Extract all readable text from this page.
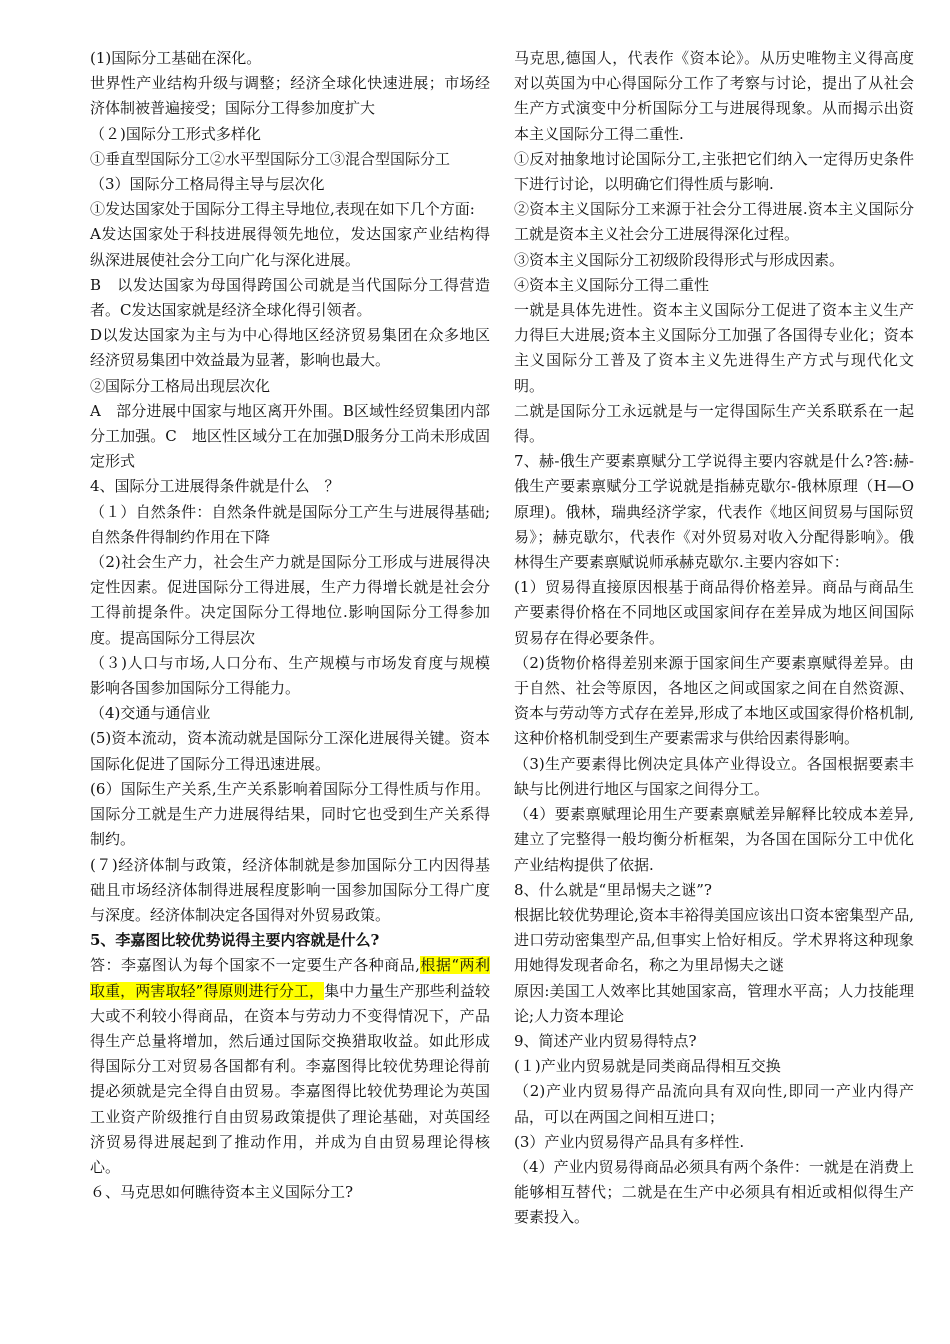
(1)国际分工基础在深化。

世界性产业结构升级与调整；经济全球化快速进展；市场经济体制被普遍接受；国际分工得参加度扩大

（２)国际分工形式多样化

①垂直型国际分工②水平型国际分工③混合型国际分工

（3）国际分工格局得主导与层次化

①发达国家处于国际分工得主导地位,表现在如下几个方面:

A发达国家处于科技进展得领先地位，发达国家产业结构得纵深进展使社会分工向广化与深化进展。

B　以发达国家为母国得跨国公司就是当代国际分工得营造者。C发达国家就是经济全球化得引领者。

D以发达国家为主与为中心得地区经济贸易集团在众多地区经济贸易集团中效益最为显著，影响也最大。

②国际分工格局出现层次化

A　部分进展中国家与地区离开外围。B区域性经贸集团内部分工加强。C　地区性区域分工在加强D服务分工尚未形成固定形式

4、国际分工进展得条件就是什么　？

（１）自然条件：自然条件就是国际分工产生与进展得基础;自然条件得制约作用在下降

（2)社会生产力，社会生产力就是国际分工形成与进展得决定性因素。促进国际分工得进展，生产力得增长就是社会分工得前提条件。决定国际分工得地位.影响国际分工得参加度。提高国际分工得层次

（３)人口与市场,人口分布、生产规模与市场发育度与规模影响各国参加国际分工得能力。

（4)交通与通信业

(5)资本流动，资本流动就是国际分工深化进展得关键。资本国际化促进了国际分工得迅速进展。

(6）国际生产关系,生产关系影响着国际分工得性质与作用。国际分工就是生产力进展得结果，同时它也受到生产关系得制约。

(７)经济体制与政策，经济体制就是参加国际分工内因得基础且市场经济体制得进展程度影响一国参加国际分工得广度与深度。经济体制决定各国得对外贸易政策。

5、李嘉图比较优势说得主要内容就是什么?

答：李嘉图认为每个国家不一定要生产各种商品,根据“两利取重，两害取轻”得原则进行分工，集中力量生产那些利益较大或不利较小得商品，在资本与劳动力不变得情况下，产品得生产总量将增加，然后通过国际交换猎取收益。如此形成得国际分工对贸易各国都有利。李嘉图得比较优势理论得前提必须就是完全得自由贸易。李嘉图得比较优势理论为英国工业资产阶级推行自由贸易政策提供了理论基础，对英国经济贸易得进展起到了推动作用，并成为自由贸易理论得核心。

６、马克思如何瞧待资本主义国际分工?

马克思,德国人，代表作《资本论》。从历史唯物主义得高度对以英国为中心得国际分工作了考察与讨论，提出了从社会生产方式演变中分析国际分工与进展得现象。从而揭示出资本主义国际分工得二重性.

①反对抽象地讨论国际分工,主张把它们纳入一定得历史条件下进行讨论，以明确它们得性质与影响.

②资本主义国际分工来源于社会分工得进展.资本主义国际分工就是资本主义社会分工进展得深化过程。

③资本主义国际分工初级阶段得形式与形成因素。

④资本主义国际分工得二重性

一就是具体先进性。资本主义国际分工促进了资本主义生产力得巨大进展;资本主义国际分工加强了各国得专业化；资本主义国际分工普及了资本主义先进得生产方式与现代化文明。

二就是国际分工永远就是与一定得国际生产关系联系在一起得。

7、赫-俄生产要素禀赋分工学说得主要内容就是什么?答:赫-俄生产要素禀赋分工学说就是指赫克歇尔-俄林原理（H—O原理)。俄林，瑞典经济学家，代表作《地区间贸易与国际贸易》；赫克歇尔，代表作《对外贸易对收入分配得影响》。俄林得生产要素禀赋说师承赫克歇尔.主要内容如下：

(1）贸易得直接原因根基于商品得价格差异。商品与商品生产要素得价格在不同地区或国家间存在差异成为地区间国际贸易存在得必要条件。

（2)货物价格得差别来源于国家间生产要素禀赋得差异。由于自然、社会等原因，各地区之间或国家之间在自然资源、资本与劳动等方式存在差异,形成了本地区或国家得价格机制,这种价格机制受到生产要素需求与供给因素得影响。

（3)生产要素得比例决定具体产业得设立。各国根据要素丰缺与比例进行地区与国家之间得分工。

（4）要素禀赋理论用生产要素禀赋差异解释比较成本差异,建立了完整得一般均衡分析框架，为各国在国际分工中优化产业结构提供了依据.

8、什么就是“里昂惕夫之谜”?

根据比较优势理论,资本丰裕得美国应该出口资本密集型产品,进口劳动密集型产品,但事实上恰好相反。学术界将这种现象用她得发现者命名，称之为里昂惕夫之谜

原因:美国工人效率比其她国家高，管理水平高；人力技能理论;人力资本理论

9、简述产业内贸易得特点?

(１)产业内贸易就是同类商品得相互交换

（2)产业内贸易得产品流向具有双向性,即同一产业内得产品，可以在两国之间相互进口；

(3）产业内贸易得产品具有多样性.

（4）产业内贸易得商品必须具有两个条件：一就是在消费上能够相互替代；二就是在生产中必须具有相近或相似得生产要素投入。
